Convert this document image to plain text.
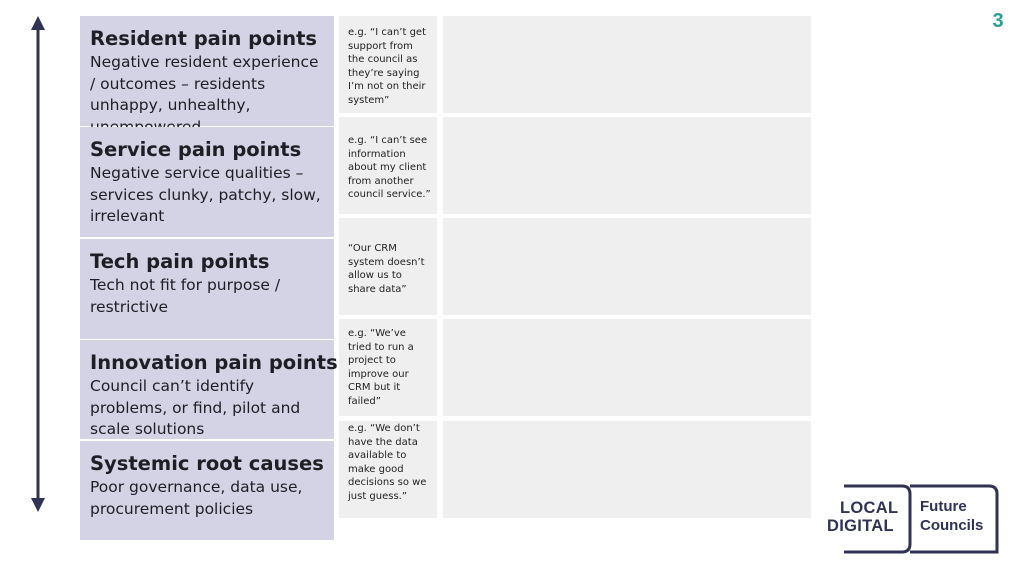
Resident pain points
Negative resident experience / outcomes – residents unhappy, unhealthy,
Service pain points
Negative service qualities – services clunky, patchy, slow, irrelevant
Tech pain points
Tech not fit for purpose / restrictive
Innovation pain points
Council can’t identify problems, or find, pilot and scale solutions
Systemic root causes
Poor governance, data use, procurement policies
e.g. “I can’t get support from the council as they’re saying I’m not on their system”
e.g. “I can’t see information about my client from another council service.”
“Our CRM system doesn’t allow us to share data”
e.g. “We’ve tried to run a project to improve our CRM but it failed”
e.g. “We don’t have the data available to make good decisions so we just guess.”
3
LOCAL
DIGITAL
Future
Councils
